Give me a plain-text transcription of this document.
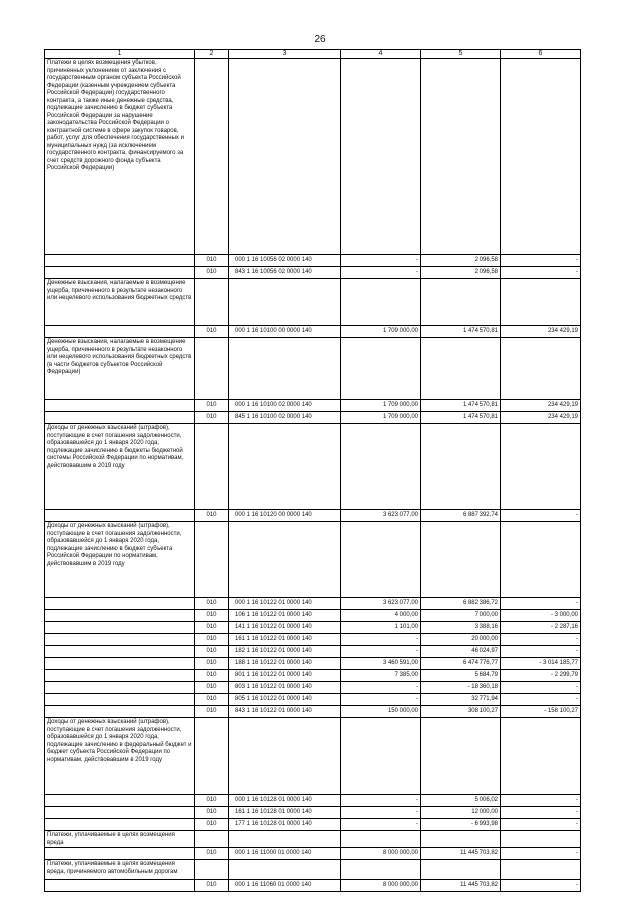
26
1	2	3	4	5	6
Платежи в целях возмещения убытков, причиненных уклонением от заключения с государственным органом субъекта Российской Федерации (казенным учреждением субъекта Российской Федерации) государственного контракта, а также иные денежные средства, подлежащие зачислению в бюджет субъекта Российской Федерации за нарушение законодательства Российской Федерации о контрактной системе в сфере закупок товаров, работ, услуг для обеспечения государственных и муниципальных нужд (за исключением государственного контракта, финансируемого за счет средств дорожного фонда субъекта Российской Федерации)					
	010	000 1 16 10056 02 0000 140	-	2 096,58	-
	010	843 1 16 10056 02 0000 140	-	2 096,58	-
Денежные взыскания, налагаемые в возмещение ущерба, причиненного в результате незаконного или нецелевого использования бюджетных средств					
	010	000 1 16 10100 00 0000 140	1 709 000,00	1 474 570,81	234 429,19
Денежные взыскания, налагаемые в возмещение ущерба, причиненного в результате незаконного или нецелевого использования бюджетных средств (в части бюджетов субъектов Российской Федерации)					
	010	000 1 16 10100 02 0000 140	1 709 000,00	1 474 570,81	234 429,19
	010	845 1 16 10100 02 0000 140	1 709 000,00	1 474 570,81	234 429,19
Доходы от денежных взысканий (штрафов), поступающие в счет погашения задолженности, образовавшейся до 1 января 2020 года, подлежащие зачислению в бюджеты бюджетной системы Российской Федерации по нормативам, действовавшим в 2019 году					
	010	000 1 16 10120 00 0000 140	3 623 077,00	6 887 392,74	-
Доходы от денежных взысканий (штрафов), поступающие в счет погашения задолженности, образовавшейся до 1 января 2020 года, подлежащие зачислению в бюджет субъекта Российской Федерации по нормативам, действовавшим в 2019 году					
	010	000 1 16 10122 01 0000 140	3 623 077,00	6 882 386,72	-
	010	106 1 16 10122 01 0000 140	4 000,00	7 000,00	- 3 000,00
	010	141 1 16 10122 01 0000 140	1 101,00	3 388,16	- 2 287,16
	010	161 1 16 10122 01 0000 140	-	20 000,00	-
	010	182 1 16 10122 01 0000 140	-	46 024,97	-
	010	188 1 16 10122 01 0000 140	3 460 591,00	6 474 776,77	- 3 014 185,77
	010	801 1 16 10122 01 0000 140	7 385,00	5 684,79	- 2 299,79
	010	803 1 16 10122 01 0000 140	-	- 18 360,18	-
	010	805 1 16 10122 01 0000 140	-	32 771,94	-
	010	843 1 16 10122 01 0000 140	150 000,00	308 100,27	- 158 100,27
Доходы от денежных взысканий (штрафов), поступающие в счет погашения задолженности, образовавшейся до 1 января 2020 года, подлежащие зачислению в федеральный бюджет и бюджет субъекта Российской Федерации по нормативам, действовавшим в 2019 году					
	010	000 1 16 10128 01 0000 140	-	5 006,02	-
	010	161 1 16 10128 01 0000 140	-	12 000,00	-
	010	177 1 16 10128 01 0000 140	-	- 6 993,98	-
Платежи, уплачиваемые в целях возмещения вреда					
	010	000 1 16 11000 01 0000 140	8 000 000,00	11 445 703,82	-
Платежи, уплачиваемые в целях возмещения вреда, причиняемого автомобильным дорогам					
	010	000 1 16 11060 01 0000 140	8 000 000,00	11 445 703,82	-
